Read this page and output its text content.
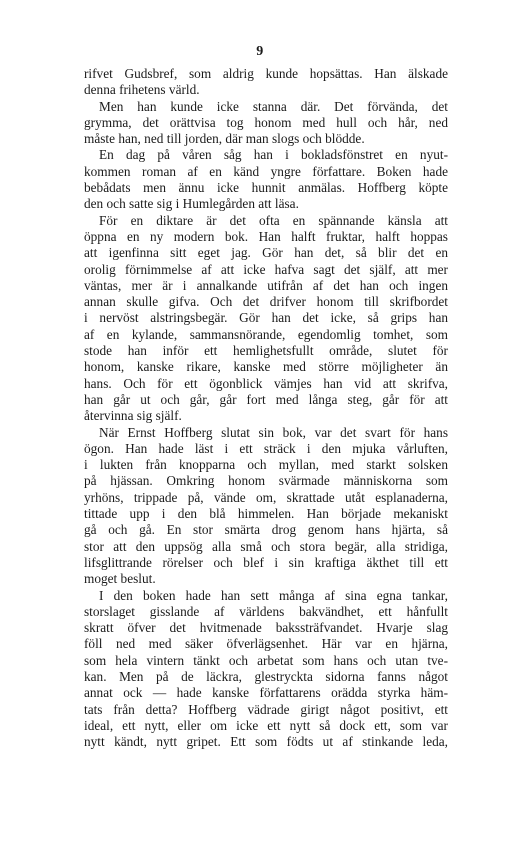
9
rifvet Gudsbref, som aldrig kunde hopsättas. Han älskade
denna frihetens värld.
Men han kunde icke stanna där. Det förvända, det
grymma, det orättvisa tog honom med hull och hår, ned
måste han, ned till jorden, där man slogs och blödde.
En dag på våren såg han i bokladsfönstret en nyut-
kommen roman af en känd yngre författare. Boken hade
bebådats men ännu icke hunnit anmälas. Hoffberg köpte
den och satte sig i Humlegården att läsa.
För en diktare är det ofta en spännande känsla att
öppna en ny modern bok. Han halft fruktar, halft hoppas
att igenfinna sitt eget jag. Gör han det, så blir det en
orolig förnimmelse af att icke hafva sagt det själf, att mer
väntas, mer är i annalkande utifrån af det han och ingen
annan skulle gifva. Och det drifver honom till skrifbordet
i nervöst alstringsbegär. Gör han det icke, så grips han
af en kylande, sammansnörande, egendomlig tomhet, som
stode han inför ett hemlighetsfullt område, slutet för
honom, kanske rikare, kanske med större möjligheter än
hans. Och för ett ögonblick vämjes han vid att skrifva,
han går ut och går, går fort med långa steg, går för att
återvinna sig själf.
När Ernst Hoffberg slutat sin bok, var det svart för hans
ögon. Han hade läst i ett sträck i den mjuka vårluften,
i lukten från knopparna och myllan, med starkt solsken
på hjässan. Omkring honom svärmade människorna som
yrhöns, trippade på, vände om, skrattade utåt esplanaderna,
tittade upp i den blå himmelen. Han började mekaniskt
gå och gå. En stor smärta drog genom hans hjärta, så
stor att den uppsög alla små och stora begär, alla stridiga,
lifsglittrande rörelser och blef i sin kraftiga äkthet till ett
moget beslut.
I den boken hade han sett många af sina egna tankar,
storslaget gisslande af världens bakvändhet, ett hånfullt
skratt öfver det hvitmenade bakssträfvandet. Hvarje slag
föll ned med säker öfverlägsenhet. Här var en hjärna,
som hela vintern tänkt och arbetat som hans och utan tve-
kan. Men på de läckra, glestryckta sidorna fanns något
annat ock — hade kanske författarens orädda styrka häm-
tats från detta? Hoffberg vädrade girigt något positivt, ett
ideal, ett nytt, eller om icke ett nytt så dock ett, som var
nytt kändt, nytt gripet. Ett som födts ut af stinkande leda,
